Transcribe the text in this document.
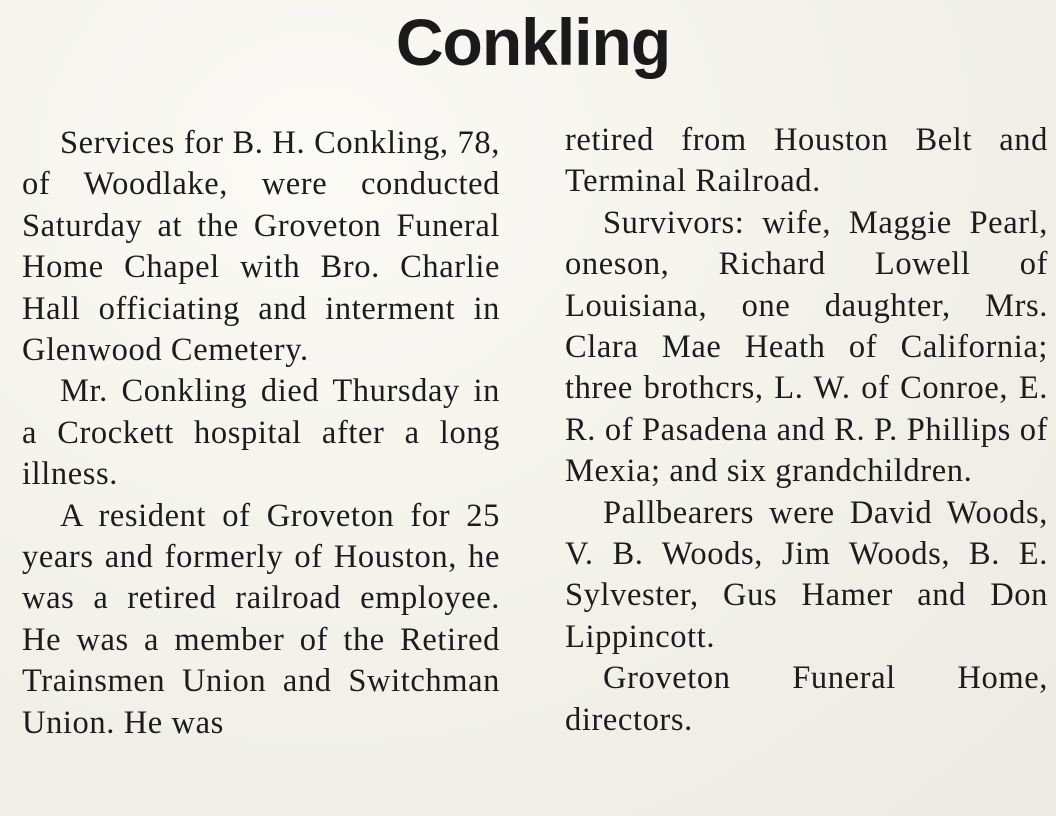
Conkling

Services for B. H. Conkling, 78, of Woodlake, were conducted Saturday at the Groveton Funeral Home Chapel with Bro. Charlie Hall officiating and interment in Glenwood Cemetery.

Mr. Conkling died Thursday in a Crockett hospital after a long illness.

A resident of Groveton for 25 years and formerly of Houston, he was a retired railroad employee. He was a member of the Retired Trainsmen Union and Switchman Union. He was

retired from Houston Belt and Terminal Railroad.

Survivors: wife, Maggie Pearl, oneson, Richard Lowell of Louisiana, one daughter, Mrs. Clara Mae Heath of California; three brothcrs, L. W. of Conroe, E. R. of Pasadena and R. P. Phillips of Mexia; and six grandchildren.

Pallbearers were David Woods, V. B. Woods, Jim Woods, B. E. Sylvester, Gus Hamer and Don Lippincott.

Groveton Funeral Home, directors.
